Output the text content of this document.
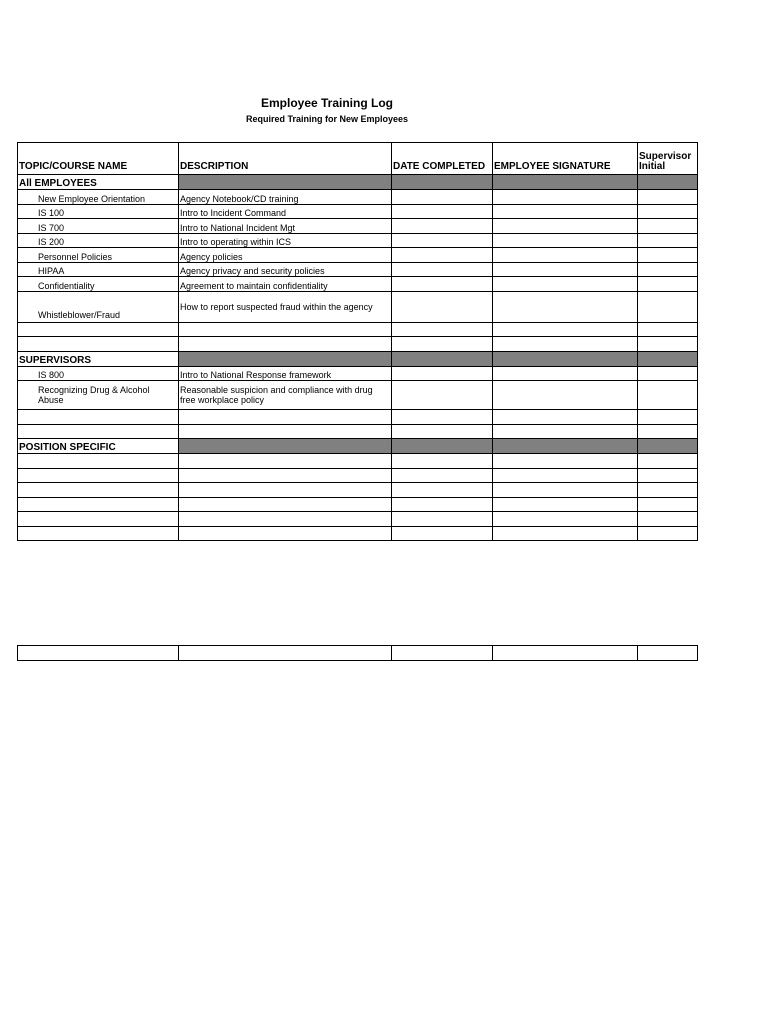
Employee Training Log
Required Training for New Employees
TOPIC/COURSE NAME	DESCRIPTION	DATE COMPLETED	EMPLOYEE SIGNATURE	Supervisor Initial
All EMPLOYEES				
New Employee Orientation	Agency Notebook/CD training			
IS 100	Intro to Incident Command			
IS 700	Intro to National Incident Mgt			
IS 200	Intro to operating within ICS			
Personnel Policies	Agency policies			
HIPAA	Agency privacy and security policies			
Confidentiality	Agreement to maintain confidentiality			
Whistleblower/Fraud	How to report suspected fraud within the agency			

SUPERVISORS				
IS 800	Intro to National Response framework			
Recognizing Drug & Alcohol Abuse	Reasonable suspicion and compliance with drug free workplace policy			

POSITION SPECIFIC				
